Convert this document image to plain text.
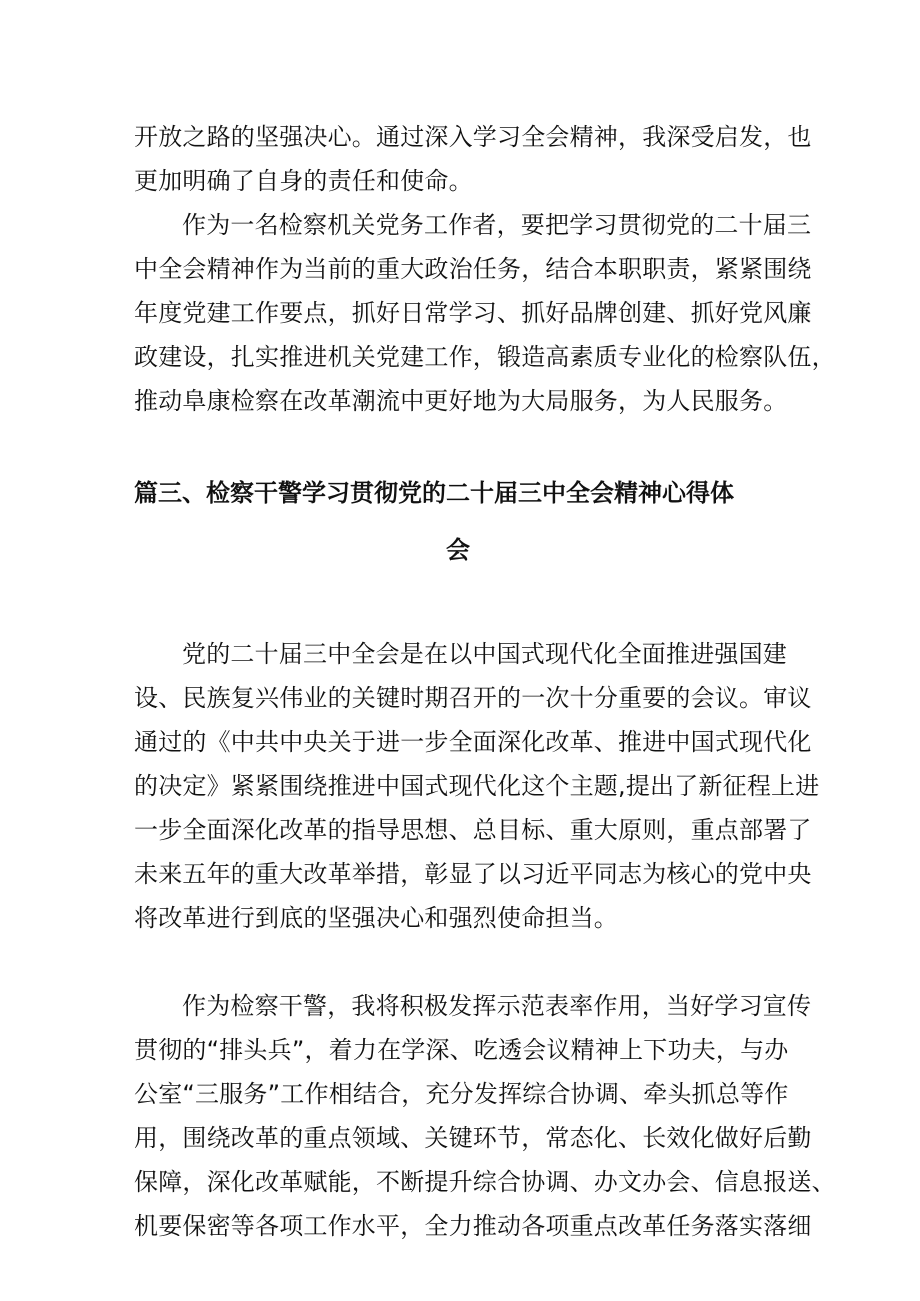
开放之路的坚强决心。通过深入学习全会精神，我深受启发，也
更加明确了自身的责任和使命。
作为一名检察机关党务工作者，要把学习贯彻党的二十届三
中全会精神作为当前的重大政治任务，结合本职职责，紧紧围绕
年度党建工作要点，抓好日常学习、抓好品牌创建、抓好党风廉
政建设，扎实推进机关党建工作，锻造高素质专业化的检察队伍，
推动阜康检察在改革潮流中更好地为大局服务，为人民服务。
篇三、检察干警学习贯彻党的二十届三中全会精神心得体
会
党的二十届三中全会是在以中国式现代化全面推进强国建
设、民族复兴伟业的关键时期召开的一次十分重要的会议。审议
通过的《中共中央关于进一步全面深化改革、推进中国式现代化
的决定》紧紧围绕推进中国式现代化这个主题,提出了新征程上进
一步全面深化改革的指导思想、总目标、重大原则，重点部署了
未来五年的重大改革举措，彰显了以习近平同志为核心的党中央
将改革进行到底的坚强决心和强烈使命担当。
作为检察干警，我将积极发挥示范表率作用，当好学习宣传
贯彻的“排头兵”，着力在学深、吃透会议精神上下功夫，与办
公室“三服务”工作相结合，充分发挥综合协调、牵头抓总等作
用，围绕改革的重点领域、关键环节，常态化、长效化做好后勤
保障，深化改革赋能，不断提升综合协调、办文办会、信息报送、
机要保密等各项工作水平，全力推动各项重点改革任务落实落细
